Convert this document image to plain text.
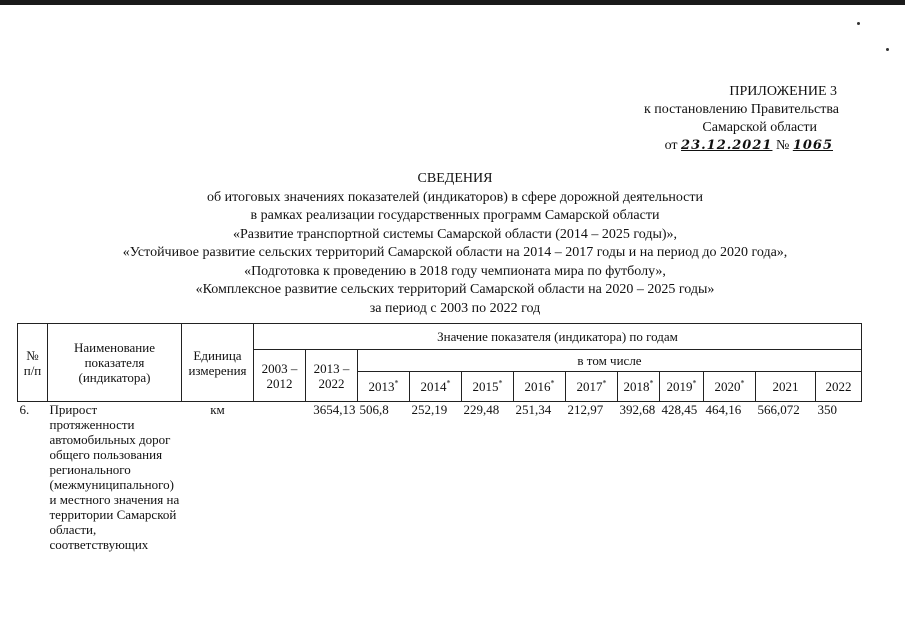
ПРИЛОЖЕНИЕ 3
к постановлению Правительства
Самарской области
от 23.12.2021 № 1065
СВЕДЕНИЯ
об итоговых значениях показателей (индикаторов) в сфере дорожной деятельности
в рамках реализации государственных программ Самарской области
«Развитие транспортной системы Самарской области (2014 – 2025 годы)»,
«Устойчивое развитие сельских территорий Самарской области на 2014 – 2017 годы и на период до 2020 года»,
«Подготовка к проведению в 2018 году чемпионата мира по футболу»,
«Комплексное развитие сельских территорий Самарской области на 2020 – 2025 годы»
за период с 2003 по 2022 год
№ п/п	Наименование показателя (индикатора)	Единица измерения	Значение показателя (индикатора) по годам											
			2003 – 2012	2013 – 2022	в том числе									
					2013*	2014*	2015*	2016*	2017*	2018*	2019*	2020*	2021	2022
6.	Прирост протяженности автомобильных дорог общего пользования регионального (межмуниципального) и местного значения на территории Самарской области, соответствующих	км		3654,13	506,8	252,19	229,48	251,34	212,97	392,68	428,45	464,16	566,072	350
